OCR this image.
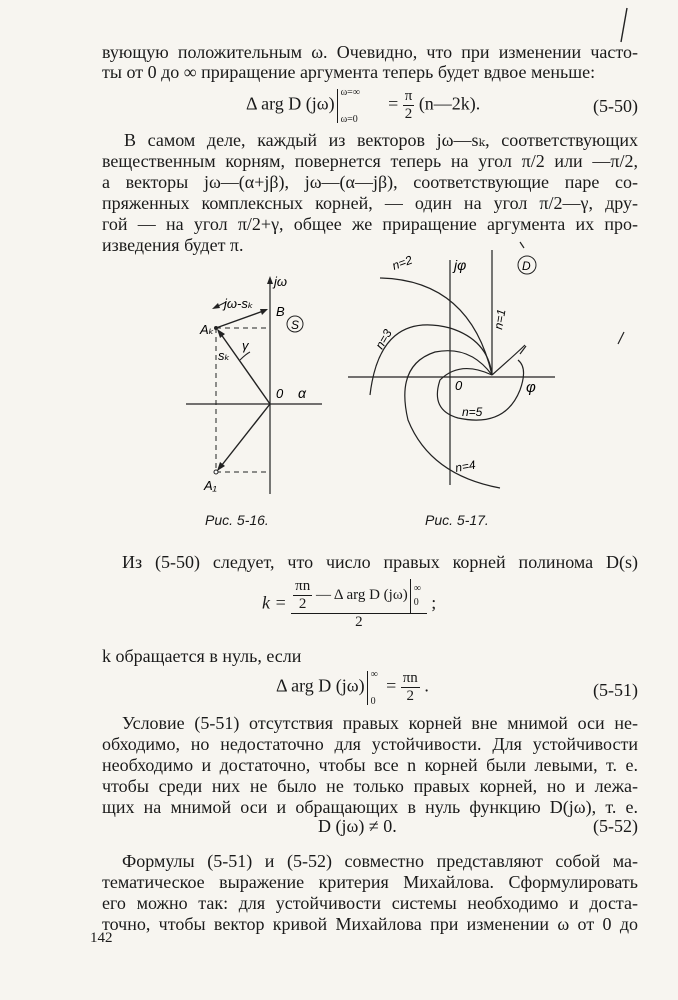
вующую положительным ω. Очевидно, что при изменении часто-
ты от 0 до ∞ приращение аргумента теперь будет вдвое меньше:
Δ arg D (jω)
ω=∞
ω=0
= $\frac{\pi}{2}$ (n—2k).	(5-50)
В самом деле, каждый из векторов jω—sₖ, соответствующих
вещественным корням, повернется теперь на угол π/2 или —π/2,
а векторы jω—(α+jβ), jω—(α—jβ), соответствующие паре со-
пряженных комплексных корней, — один на угол π/2—γ, дру-
гой — на угол π/2+γ, общее же приращение аргумента их про-
изведения будет π.
jω
jω-sₖ
B
S
Aₖ
sₖ
γ
0 α
A₁
Рис. 5-16.
jφ	D
n=2
n=1
n=3
0	φ
n=5
n=4
Рис. 5-17.
Из (5-50) следует, что число правых корней полинома D(s)
$k = \frac{\pi n}{2}$ — Δ arg D (jω) ∞
0
2 ;
k обращается в нуль, если
Δ arg D (jω)
∞
0
= $\frac{\pi n}{2}$ .	(5-51)
Условие (5-51) отсутствия правых корней вне мнимой оси не-
обходимо, но недостаточно для устойчивости. Для устойчивости
необходимо и достаточно, чтобы все n корней были левыми, т. е.
чтобы среди них не было не только правых корней, но и лежа-
щих на мнимой оси и обращающих в нуль функцию D(jω), т. е.
D (jω) ≠ 0.	(5-52)
Формулы (5-51) и (5-52) совместно представляют собой ма-
тематическое выражение критерия Михайлова. Сформулировать
его можно так: для устойчивости системы необходимо и доста-
точно, чтобы вектор кривой Михайлова при изменении ω от 0 до
142
